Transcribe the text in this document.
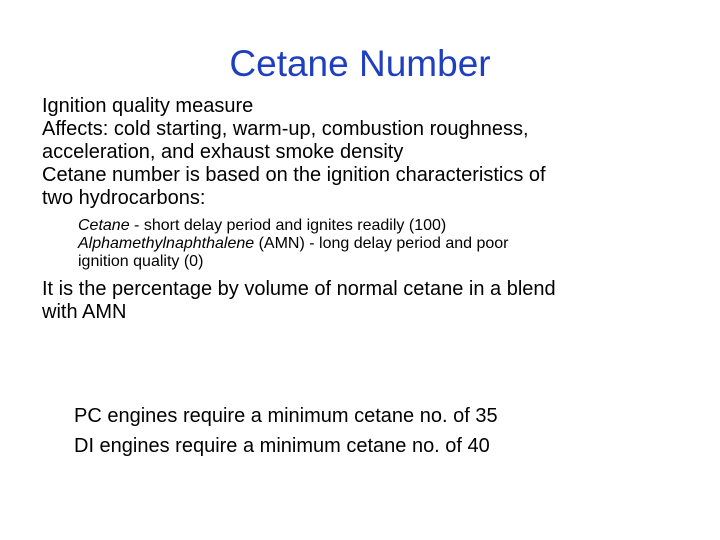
Cetane Number

Ignition quality measure

Affects: cold starting, warm-up, combustion roughness,
acceleration, and exhaust smoke density

Cetane number is based on the ignition characteristics of
two hydrocarbons:

Cetane - short delay period and ignites readily (100)

Alphamethylnaphthalene (AMN) - long delay period and poor
ignition quality (0)

It is the percentage by volume of normal cetane in a blend
with AMN

PC engines require a minimum cetane no. of 35
DI engines require a minimum cetane no. of 40
